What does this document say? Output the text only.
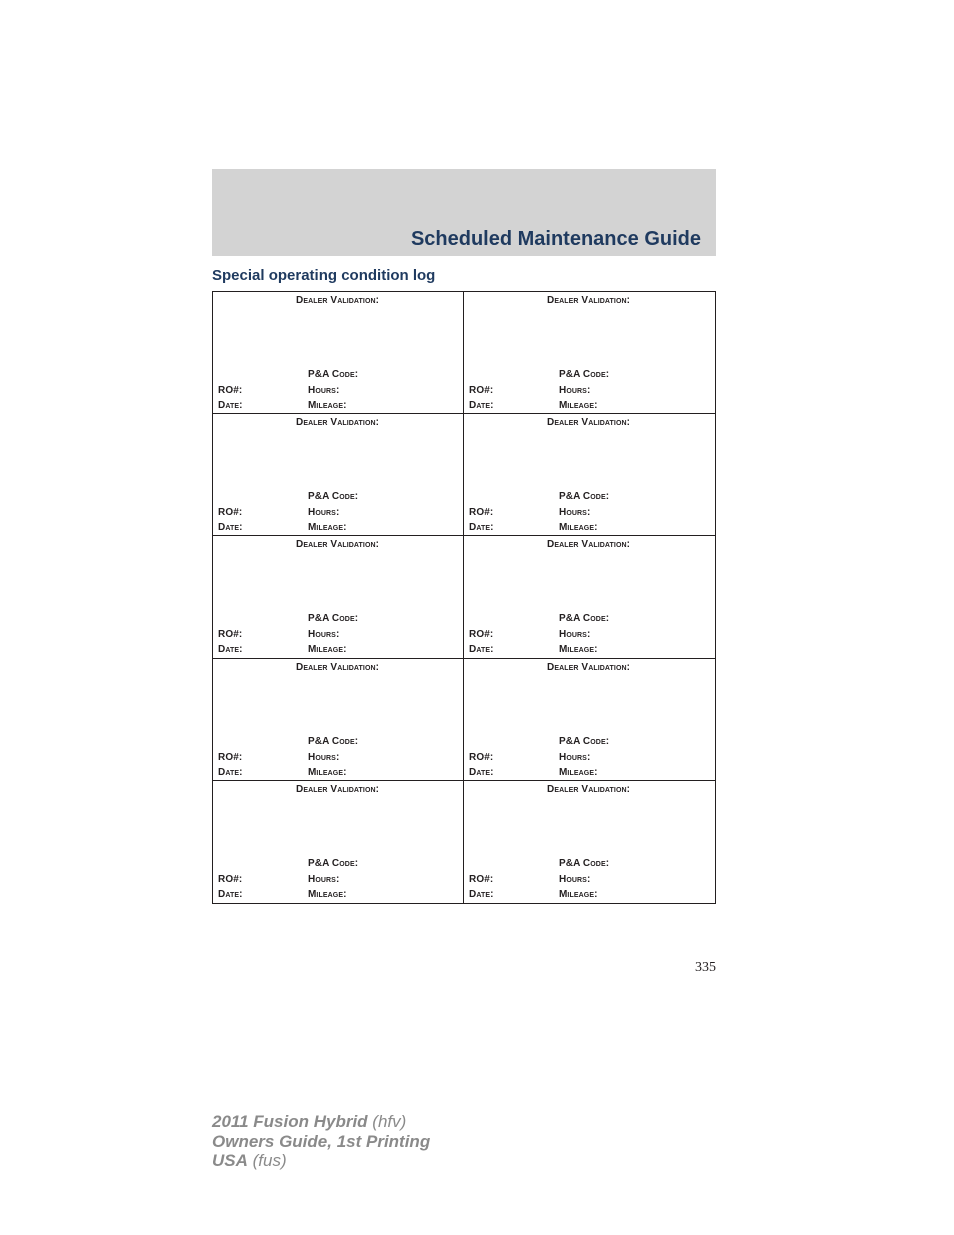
Scheduled Maintenance Guide
Special operating condition log
Dealer Validation:
P&A Code:
RO#:	Hours:
Date:	Mileage:
Dealer Validation:
P&A Code:
RO#:	Hours:
Date:	Mileage:
Dealer Validation:
P&A Code:
RO#:	Hours:
Date:	Mileage:
Dealer Validation:
P&A Code:
RO#:	Hours:
Date:	Mileage:
Dealer Validation:
P&A Code:
RO#:	Hours:
Date:	Mileage:
Dealer Validation:
P&A Code:
RO#:	Hours:
Date:	Mileage:
Dealer Validation:
P&A Code:
RO#:	Hours:
Date:	Mileage:
Dealer Validation:
P&A Code:
RO#:	Hours:
Date:	Mileage:
Dealer Validation:
P&A Code:
RO#:	Hours:
Date:	Mileage:
Dealer Validation:
P&A Code:
RO#:	Hours:
Date:	Mileage:
335
2011 Fusion Hybrid (hfv)
Owners Guide, 1st Printing
USA (fus)
